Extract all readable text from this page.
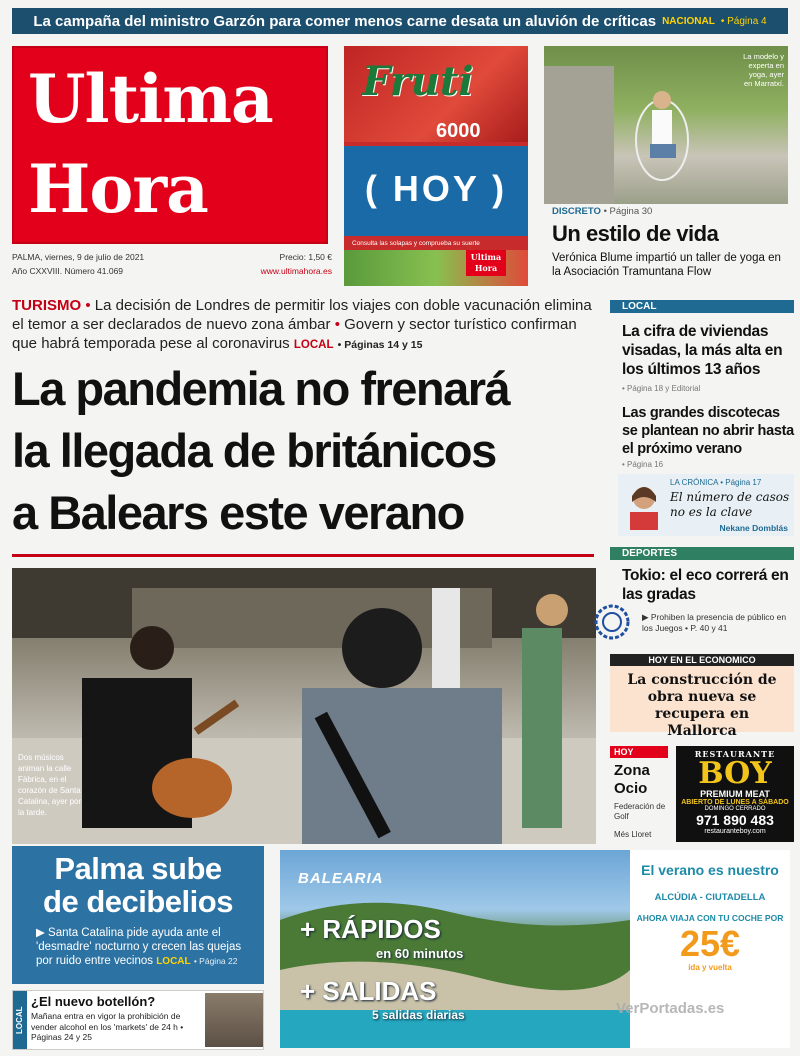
La campaña del ministro Garzón para comer menos carne desata un aluvión de críticas NACIONAL • Página 4
Ultima
Hora
PALMA, viernes, 9 de julio de 2021	Precio: 1,50 €
Año CXXVIII. Número 41.069	www.ultimahora.es
Fruti
6000
( HOY )
Consulta las solapas y comprueba su suerte
Ultima
Hora
La modelo y experta en yoga, ayer en Marratxí.
DISCRETO • Página 30
Un estilo de vida

Verónica Blume impartió un taller de yoga en la Asociación Tramuntana Flow

TURISMO • La decisión de Londres de permitir los viajes con doble vacunación elimina el temor a ser declarados de nuevo zona ámbar • Govern y sector turístico confirman que habrá temporada pese al coronavirus LOCAL • Páginas 14 y 15
La pandemia no frenará
la llegada de británicos
a Balears este verano
Dos músicos animan la calle Fàbrica, en el corazón de Santa Catalina, ayer por la tarde.
LOCAL
La cifra de viviendas visadas, la más alta en los últimos 13 años
• Página 18 y Editorial
Las grandes discotecas se plantean no abrir hasta el próximo verano
• Página 16
LA CRÓNICA • Página 17
El número de casos no es la clave
Nekane Domblás
DEPORTES
Tokio: el eco correrá en las gradas
▶ Prohiben la presencia de público en los Juegos • P. 40 y 41
HOY EN EL ECONOMICO

La construcción de obra nueva se recupera en Mallorca

HOY
Zona Ocio
Federación de Golf
Més Lloret
RESTAURANTE
BOY
PREMIUM MEAT
ABIERTO DE LUNES A SÁBADO
DOMINGO CERRADO
971 890 483
restauranteboy.com
Palma sube
de decibelios

▶ Santa Catalina pide ayuda ante el 'desmadre' nocturno y crecen las quejas por ruido entre vecinos LOCAL • Página 22

LOCAL
¿El nuevo botellón?

Mañana entra en vigor la prohibición de vender alcohol en los 'markets' de 24 h • Páginas 24 y 25

BALEARIA
+ RÁPIDOS
en 60 minutos
+ SALIDAS
5 salidas diarias
El verano es nuestro
ALCÚDIA - CIUTADELLA
AHORA VIAJA CON TU COCHE POR
25€
ida y vuelta
VerPortadas.es
